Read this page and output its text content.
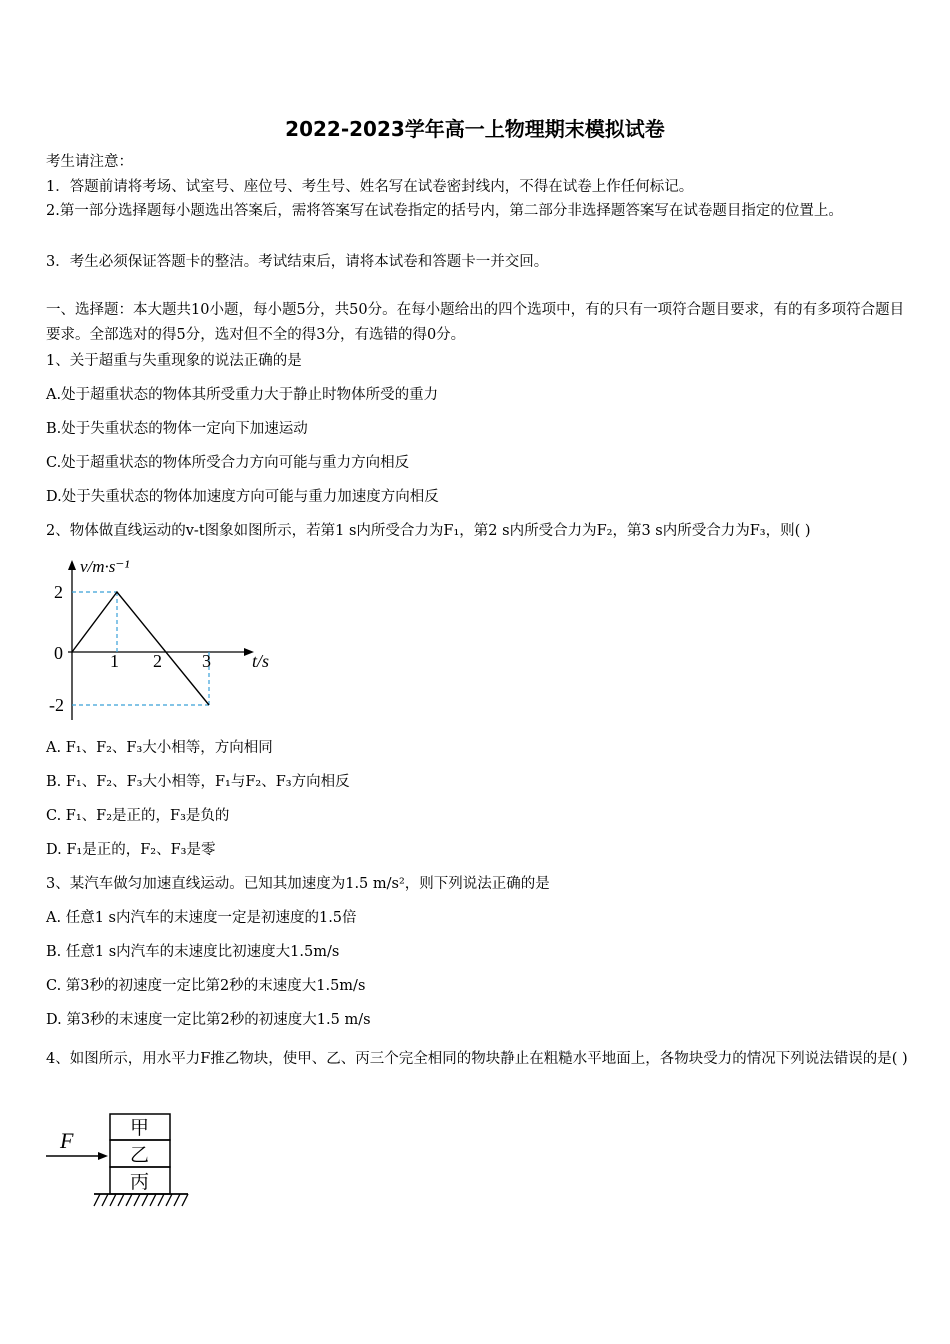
2022-2023学年高一上物理期末模拟试卷
考生请注意：
1．答题前请将考场、试室号、座位号、考生号、姓名写在试卷密封线内，不得在试卷上作任何标记。
2.第一部分选择题每小题选出答案后，需将答案写在试卷指定的括号内，第二部分非选择题答案写在试卷题目指定的位置上。
3．考生必须保证答题卡的整洁。考试结束后，请将本试卷和答题卡一并交回。
一、选择题：本大题共10小题，每小题5分，共50分。在每小题给出的四个选项中，有的只有一项符合题目要求，有的有多项符合题目要求。全部选对的得5分，选对但不全的得3分，有选错的得0分。
1、关于超重与失重现象的说法正确的是
A.处于超重状态的物体其所受重力大于静止时物体所受的重力
B.处于失重状态的物体一定向下加速运动
C.处于超重状态的物体所受合力方向可能与重力方向相反
D.处于失重状态的物体加速度方向可能与重力加速度方向相反
2、物体做直线运动的v-t图象如图所示，若第1 s内所受合力为F₁，第2 s内所受合力为F₂，第3 s内所受合力为F₃，则( )
v/m·s⁻¹
2
0
-2
1 2 3 t/s
A. F₁、F₂、F₃大小相等，方向相同
B. F₁、F₂、F₃大小相等，F₁与F₂、F₃方向相反
C. F₁、F₂是正的，F₃是负的
D. F₁是正的，F₂、F₃是零
3、某汽车做匀加速直线运动。已知其加速度为1.5 m/s²，则下列说法正确的是
A. 任意1 s内汽车的末速度一定是初速度的1.5倍
B. 任意1 s内汽车的末速度比初速度大1.5m/s
C. 第3秒的初速度一定比第2秒的末速度大1.5m/s
D. 第3秒的末速度一定比第2秒的初速度大1.5 m/s
4、如图所示，用水平力F推乙物块，使甲、乙、丙三个完全相同的物块静止在粗糙水平地面上，各物块受力的情况下列说法错误的是( )
F	甲
乙
丙
